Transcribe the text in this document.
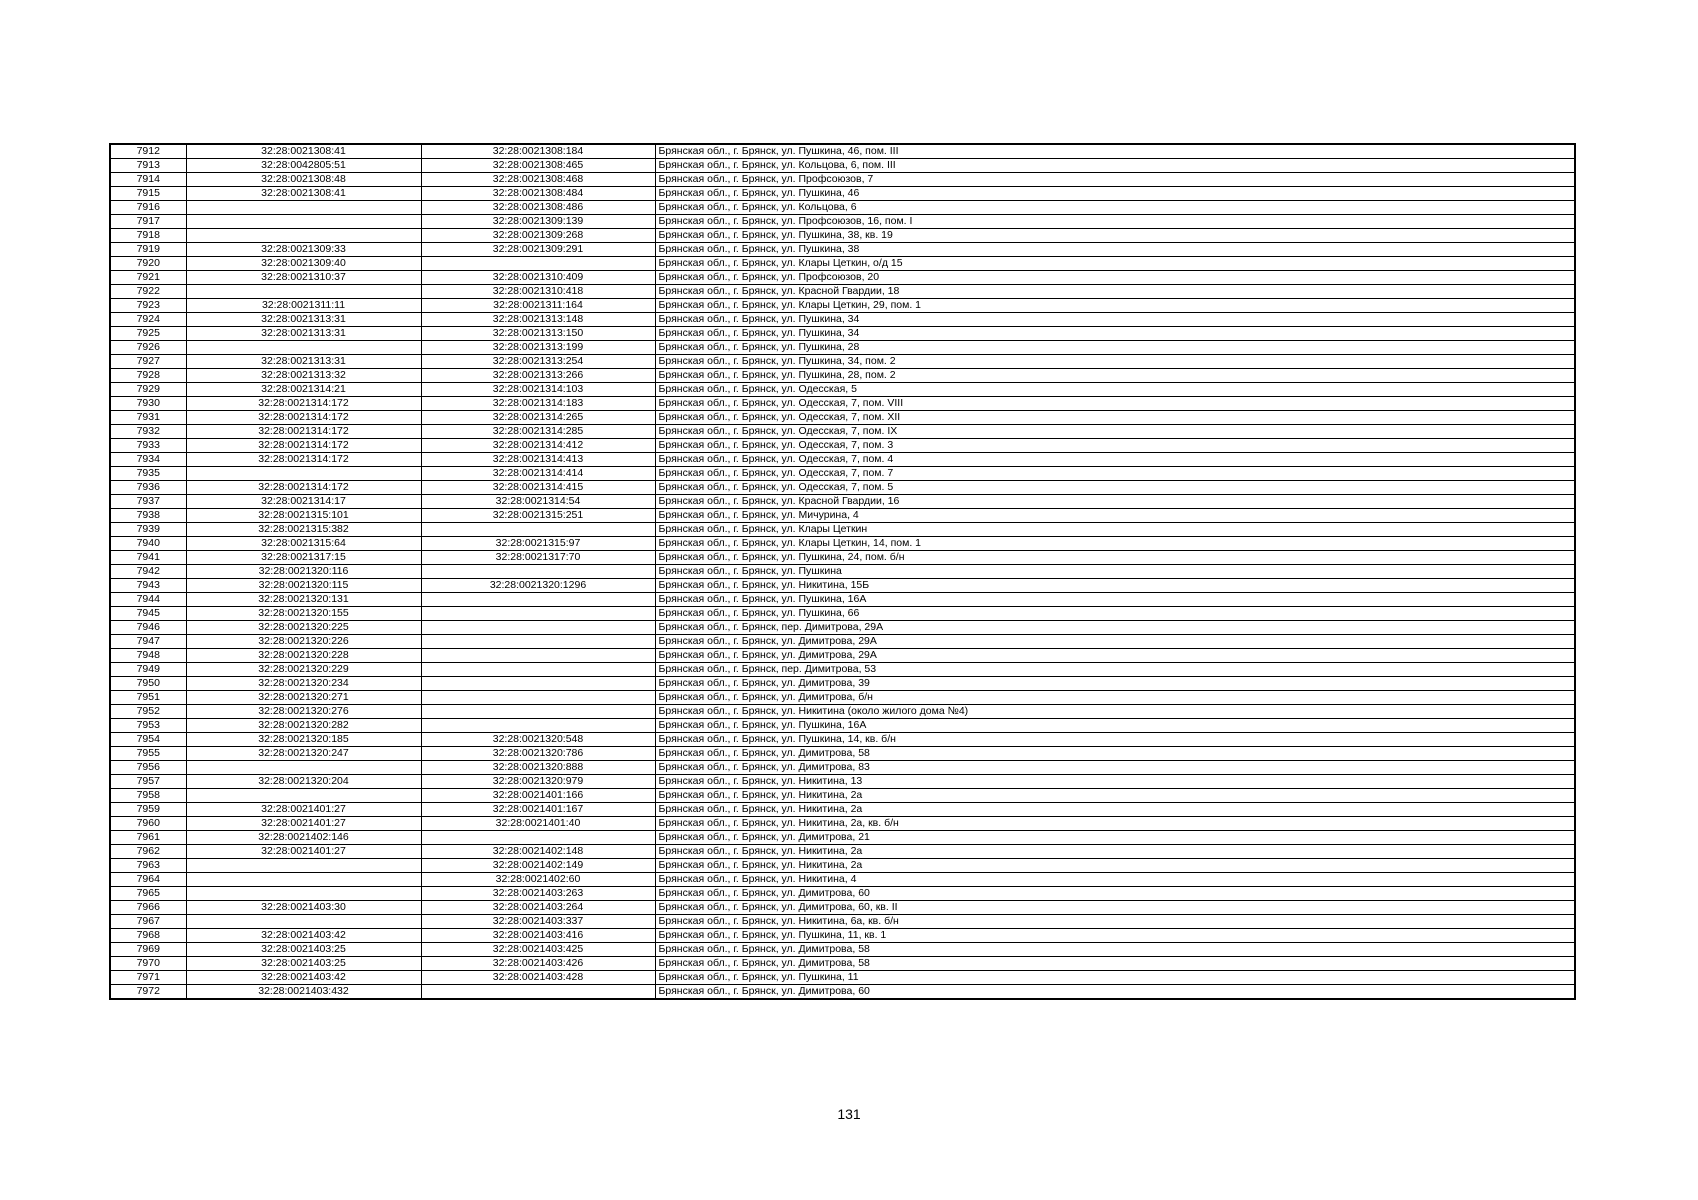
7912	32:28:0021308:41	32:28:0021308:184	Брянская обл., г. Брянск, ул. Пушкина, 46, пом. III
7913	32:28:0042805:51	32:28:0021308:465	Брянская обл., г. Брянск, ул. Кольцова, 6, пом. III
7914	32:28:0021308:48	32:28:0021308:468	Брянская обл., г. Брянск, ул. Профсоюзов, 7
7915	32:28:0021308:41	32:28:0021308:484	Брянская обл., г. Брянск, ул. Пушкина, 46
7916		32:28:0021308:486	Брянская обл., г. Брянск, ул. Кольцова, 6
7917		32:28:0021309:139	Брянская обл., г. Брянск, ул. Профсоюзов, 16, пом. I
7918		32:28:0021309:268	Брянская обл., г. Брянск, ул. Пушкина, 38, кв. 19
7919	32:28:0021309:33	32:28:0021309:291	Брянская обл., г. Брянск, ул. Пушкина, 38
7920	32:28:0021309:40		Брянская обл., г. Брянск, ул. Клары Цеткин, о/д 15
7921	32:28:0021310:37	32:28:0021310:409	Брянская обл., г. Брянск, ул. Профсоюзов, 20
7922		32:28:0021310:418	Брянская обл., г. Брянск, ул. Красной Гвардии, 18
7923	32:28:0021311:11	32:28:0021311:164	Брянская обл., г. Брянск, ул. Клары Цеткин, 29, пом. 1
7924	32:28:0021313:31	32:28:0021313:148	Брянская обл., г. Брянск, ул. Пушкина, 34
7925	32:28:0021313:31	32:28:0021313:150	Брянская обл., г. Брянск, ул. Пушкина, 34
7926		32:28:0021313:199	Брянская обл., г. Брянск, ул. Пушкина, 28
7927	32:28:0021313:31	32:28:0021313:254	Брянская обл., г. Брянск, ул. Пушкина, 34, пом. 2
7928	32:28:0021313:32	32:28:0021313:266	Брянская обл., г. Брянск, ул. Пушкина, 28, пом. 2
7929	32:28:0021314:21	32:28:0021314:103	Брянская обл., г. Брянск, ул. Одесская, 5
7930	32:28:0021314:172	32:28:0021314:183	Брянская обл., г. Брянск, ул. Одесская, 7, пом. VIII
7931	32:28:0021314:172	32:28:0021314:265	Брянская обл., г. Брянск, ул. Одесская, 7, пом. XII
7932	32:28:0021314:172	32:28:0021314:285	Брянская обл., г. Брянск, ул. Одесская, 7, пом. IX
7933	32:28:0021314:172	32:28:0021314:412	Брянская обл., г. Брянск, ул. Одесская, 7, пом. 3
7934	32:28:0021314:172	32:28:0021314:413	Брянская обл., г. Брянск, ул. Одесская, 7, пом. 4
7935		32:28:0021314:414	Брянская обл., г. Брянск, ул. Одесская, 7, пом. 7
7936	32:28:0021314:172	32:28:0021314:415	Брянская обл., г. Брянск, ул. Одесская, 7, пом. 5
7937	32:28:0021314:17	32:28:0021314:54	Брянская обл., г. Брянск, ул. Красной Гвардии, 16
7938	32:28:0021315:101	32:28:0021315:251	Брянская обл., г. Брянск, ул. Мичурина, 4
7939	32:28:0021315:382		Брянская обл., г. Брянск, ул. Клары Цеткин
7940	32:28:0021315:64	32:28:0021315:97	Брянская обл., г. Брянск, ул. Клары Цеткин, 14, пом. 1
7941	32:28:0021317:15	32:28:0021317:70	Брянская обл., г. Брянск, ул. Пушкина, 24, пом. б/н
7942	32:28:0021320:116		Брянская обл., г. Брянск, ул. Пушкина
7943	32:28:0021320:115	32:28:0021320:1296	Брянская обл., г. Брянск, ул. Никитина, 15Б
7944	32:28:0021320:131		Брянская обл., г. Брянск, ул. Пушкина, 16А
7945	32:28:0021320:155		Брянская обл., г. Брянск, ул. Пушкина, 66
7946	32:28:0021320:225		Брянская обл., г. Брянск, пер. Димитрова, 29А
7947	32:28:0021320:226		Брянская обл., г. Брянск, ул. Димитрова, 29А
7948	32:28:0021320:228		Брянская обл., г. Брянск, ул. Димитрова, 29А
7949	32:28:0021320:229		Брянская обл., г. Брянск, пер. Димитрова, 53
7950	32:28:0021320:234		Брянская обл., г. Брянск, ул. Димитрова, 39
7951	32:28:0021320:271		Брянская обл., г. Брянск, ул. Димитрова, б/н
7952	32:28:0021320:276		Брянская обл., г. Брянск, ул. Никитина (около жилого дома №4)
7953	32:28:0021320:282		Брянская обл., г. Брянск, ул. Пушкина, 16А
7954	32:28:0021320:185	32:28:0021320:548	Брянская обл., г. Брянск, ул. Пушкина, 14, кв. б/н
7955	32:28:0021320:247	32:28:0021320:786	Брянская обл., г. Брянск, ул. Димитрова, 58
7956		32:28:0021320:888	Брянская обл., г. Брянск, ул. Димитрова, 83
7957	32:28:0021320:204	32:28:0021320:979	Брянская обл., г. Брянск, ул. Никитина, 13
7958		32:28:0021401:166	Брянская обл., г. Брянск, ул. Никитина, 2а
7959	32:28:0021401:27	32:28:0021401:167	Брянская обл., г. Брянск, ул. Никитина, 2а
7960	32:28:0021401:27	32:28:0021401:40	Брянская обл., г. Брянск, ул. Никитина, 2а, кв. б/н
7961	32:28:0021402:146		Брянская обл., г. Брянск, ул. Димитрова, 21
7962	32:28:0021401:27	32:28:0021402:148	Брянская обл., г. Брянск, ул. Никитина, 2а
7963		32:28:0021402:149	Брянская обл., г. Брянск, ул. Никитина, 2а
7964		32:28:0021402:60	Брянская обл., г. Брянск, ул. Никитина, 4
7965		32:28:0021403:263	Брянская обл., г. Брянск, ул. Димитрова, 60
7966	32:28:0021403:30	32:28:0021403:264	Брянская обл., г. Брянск, ул. Димитрова, 60, кв. II
7967		32:28:0021403:337	Брянская обл., г. Брянск, ул. Никитина, 6а, кв. б/н
7968	32:28:0021403:42	32:28:0021403:416	Брянская обл., г. Брянск, ул. Пушкина, 11, кв. 1
7969	32:28:0021403:25	32:28:0021403:425	Брянская обл., г. Брянск, ул. Димитрова, 58
7970	32:28:0021403:25	32:28:0021403:426	Брянская обл., г. Брянск, ул. Димитрова, 58
7971	32:28:0021403:42	32:28:0021403:428	Брянская обл., г. Брянск, ул. Пушкина, 11
7972	32:28:0021403:432		Брянская обл., г. Брянск, ул. Димитрова, 60
131
